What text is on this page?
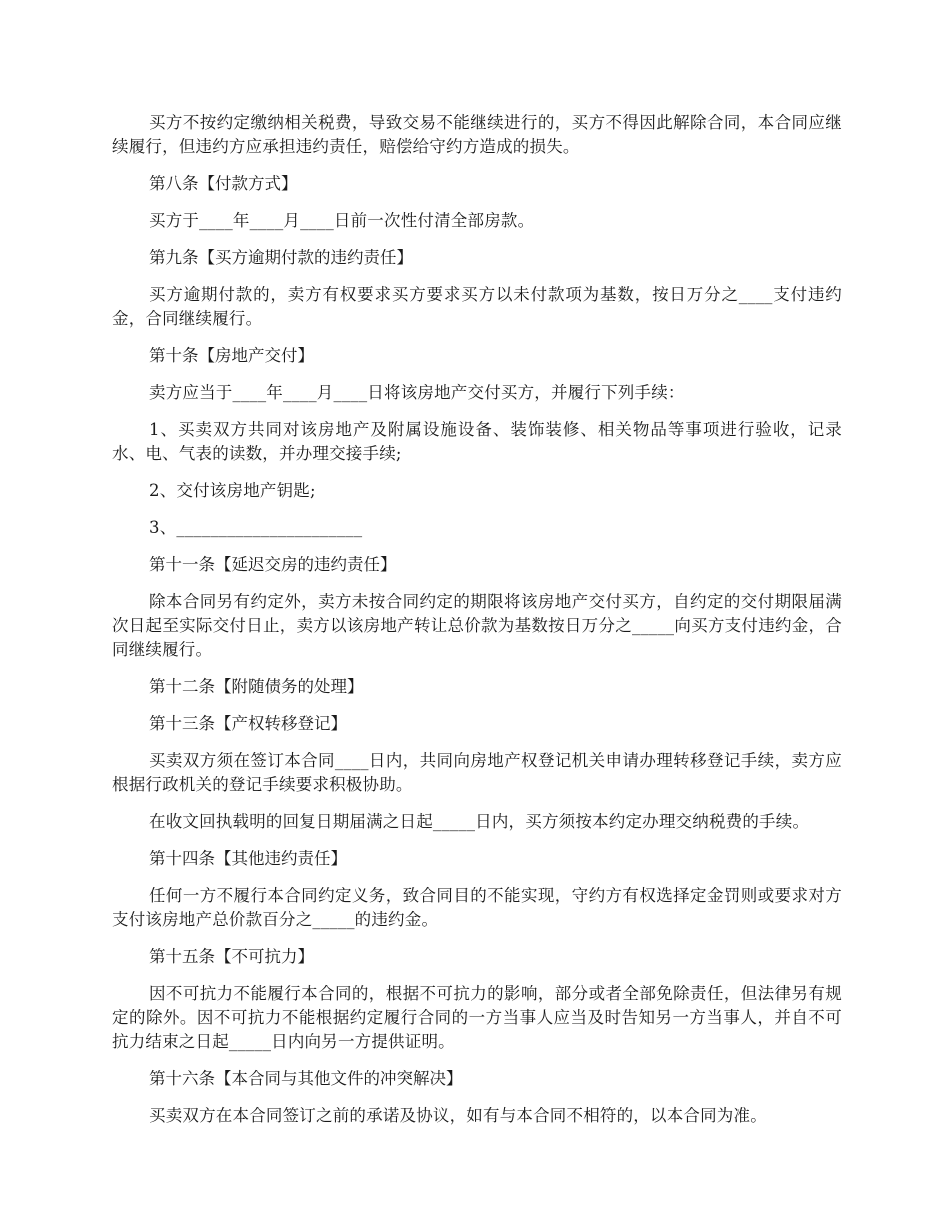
买方不按约定缴纳相关税费，导致交易不能继续进行的，买方不得因此解除合同，本合同应继续履行，但违约方应承担违约责任，赔偿给守约方造成的损失。

第八条【付款方式】

买方于____年____月____日前一次性付清全部房款。

第九条【买方逾期付款的违约责任】

买方逾期付款的，卖方有权要求买方要求买方以未付款项为基数，按日万分之____支付违约金，合同继续履行。

第十条【房地产交付】

卖方应当于____年____月____日将该房地产交付买方，并履行下列手续：

1、买卖双方共同对该房地产及附属设施设备、装饰装修、相关物品等事项进行验收，记录水、电、气表的读数，并办理交接手续;

2、交付该房地产钥匙;

3、______________________

第十一条【延迟交房的违约责任】

除本合同另有约定外，卖方未按合同约定的期限将该房地产交付买方，自约定的交付期限届满次日起至实际交付日止，卖方以该房地产转让总价款为基数按日万分之_____向买方支付违约金，合同继续履行。

第十二条【附随债务的处理】

第十三条【产权转移登记】

买卖双方须在签订本合同____日内，共同向房地产权登记机关申请办理转移登记手续，卖方应根据行政机关的登记手续要求积极协助。

在收文回执载明的回复日期届满之日起_____日内，买方须按本约定办理交纳税费的手续。

第十四条【其他违约责任】

任何一方不履行本合同约定义务，致合同目的不能实现，守约方有权选择定金罚则或要求对方支付该房地产总价款百分之_____的违约金。

第十五条【不可抗力】

因不可抗力不能履行本合同的，根据不可抗力的影响，部分或者全部免除责任，但法律另有规定的除外。因不可抗力不能根据约定履行合同的一方当事人应当及时告知另一方当事人，并自不可抗力结束之日起_____日内向另一方提供证明。

第十六条【本合同与其他文件的冲突解决】

买卖双方在本合同签订之前的承诺及协议，如有与本合同不相符的，以本合同为准。
